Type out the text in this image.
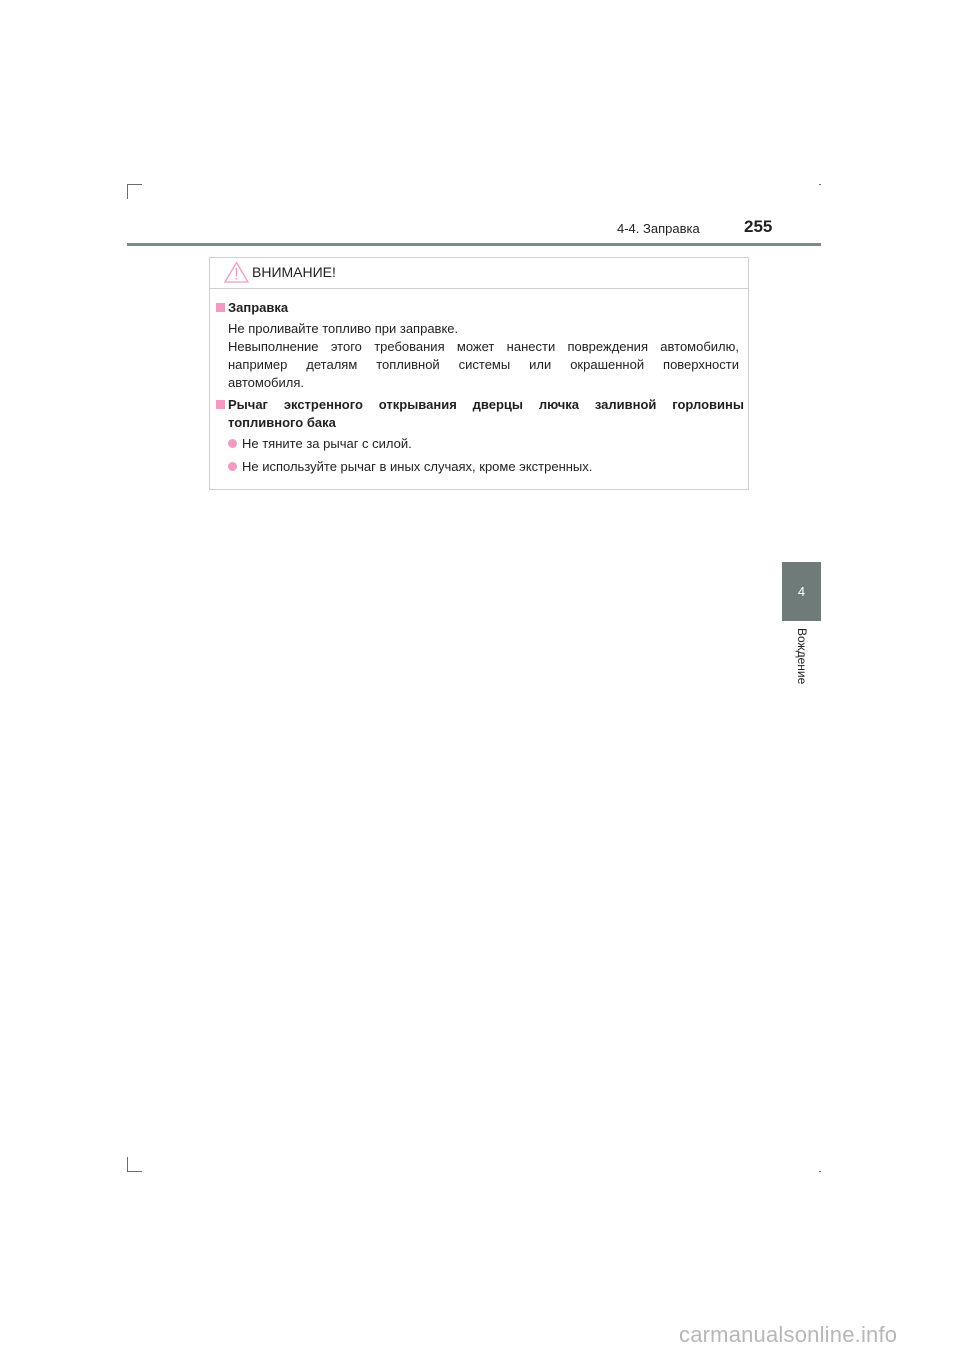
4-4. Заправка	255
4
Вождение
ВНИМАНИЕ!
Заправка
Не проливайте топливо при заправке.
Невыполнение этого требования может нанести повреждения автомобилю,
например деталям топливной системы или окрашенной поверхности
автомобиля.
Рычаг экстренного открывания дверцы лючка заливной горловины
топливного бака
Не тяните за рычаг с силой.
Не используйте рычаг в иных случаях, кроме экстренных.
carmanualsonline.info
